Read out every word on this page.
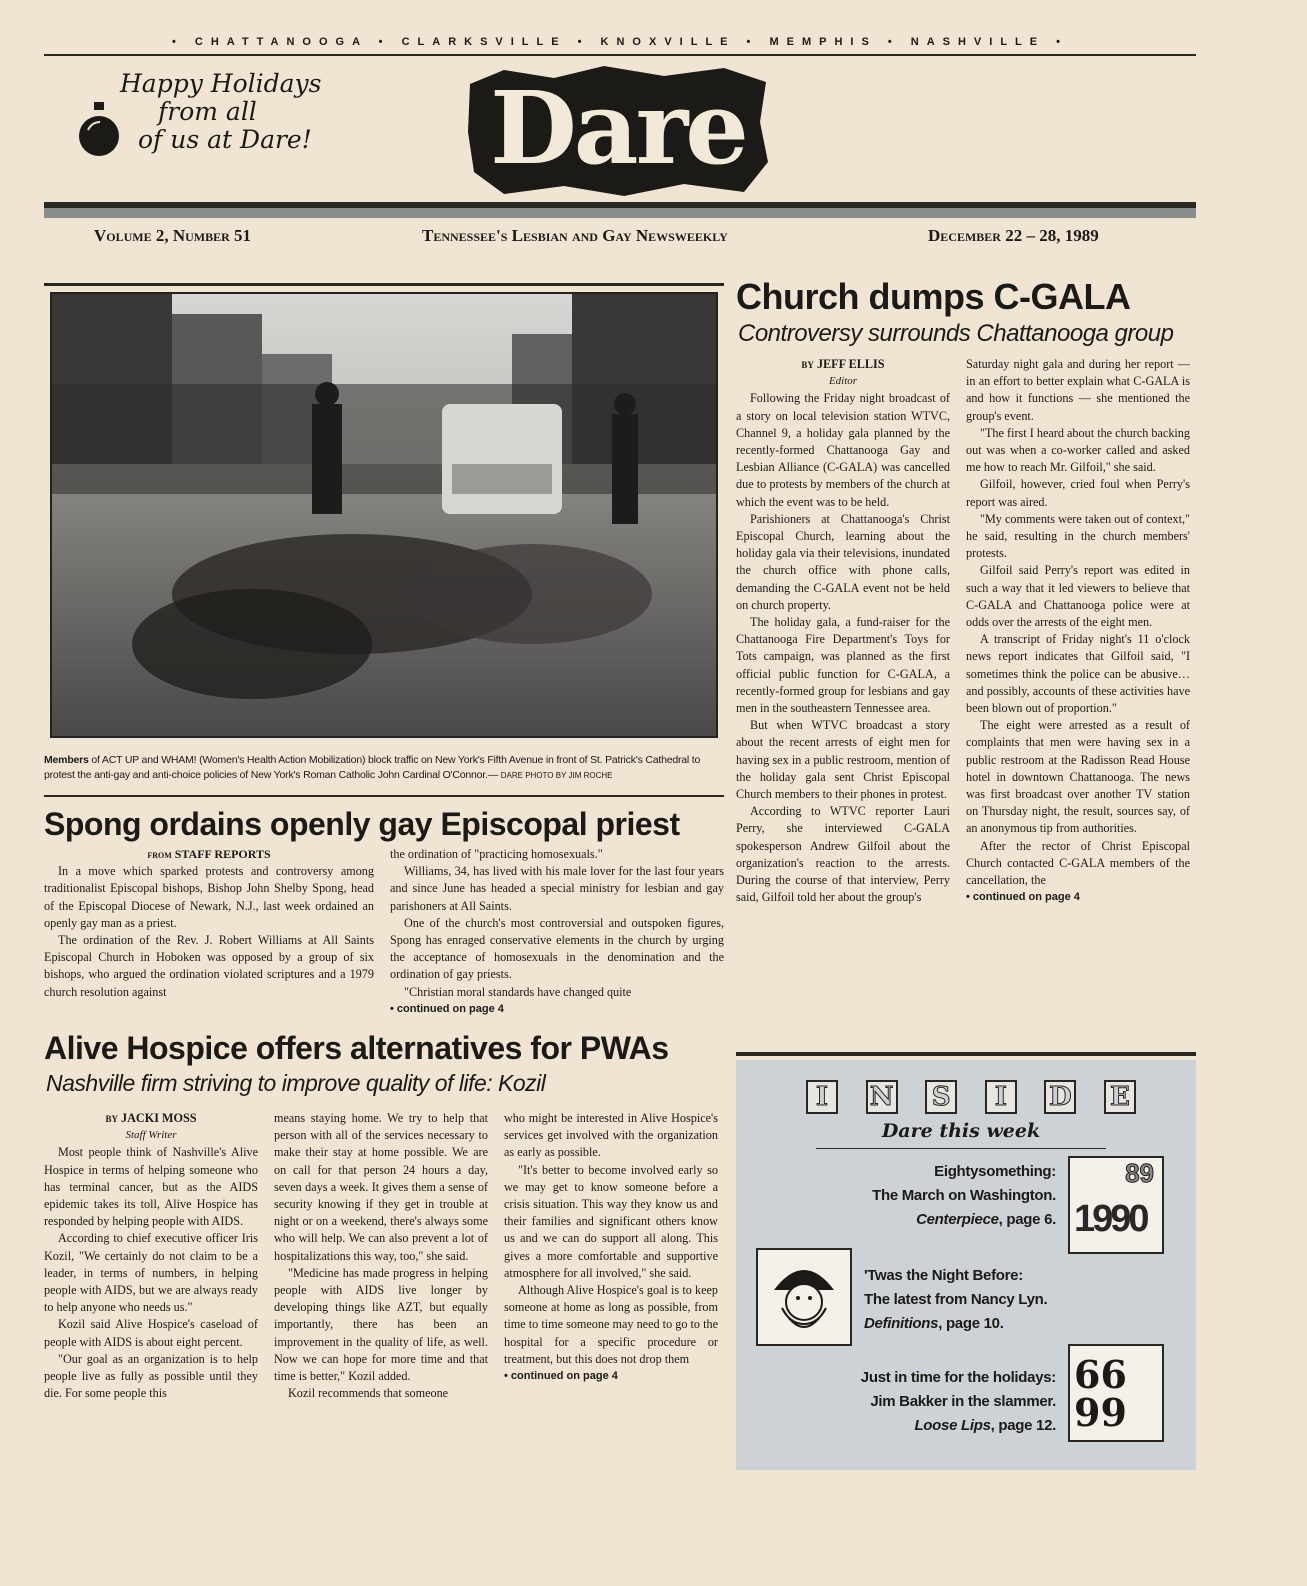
• CHATTANOOGA • CLARKSVILLE • KNOXVILLE • MEMPHIS • NASHVILLE •
Happy Holidays
from all
of us at Dare! Dare
Volume 2, Number 51	Tennessee's Lesbian and Gay Newsweekly	December 22 – 28, 1989
Members of ACT UP and WHAM! (Women's Health Action Mobilization) block traffic on New York's Fifth Avenue in front of St. Patrick's Cathedral to protest the anti-gay and anti-choice policies of New York's Roman Catholic John Cardinal O'Connor.— DARE PHOTO BY JIM ROCHE
Church dumps C-GALA
Controversy surrounds Chattanooga group
by JEFF ELLIS
Editor

Following the Friday night broadcast of a story on local television station WTVC, Channel 9, a holiday gala planned by the recently-formed Chattanooga Gay and Lesbian Alliance (C-GALA) was cancelled due to protests by members of the church at which the event was to be held.

Parishioners at Chattanooga's Christ Episcopal Church, learning about the holiday gala via their televisions, inundated the church office with phone calls, demanding the C-GALA event not be held on church property.

The holiday gala, a fund-raiser for the Chattanooga Fire Department's Toys for Tots campaign, was planned as the first official public function for C-GALA, a recently-formed group for lesbians and gay men in the southeastern Tennessee area.

But when WTVC broadcast a story about the recent arrests of eight men for having sex in a public restroom, mention of the holiday gala sent Christ Episcopal Church members to their phones in protest.

According to WTVC reporter Lauri Perry, she interviewed C-GALA spokesperson Andrew Gilfoil about the organization's reaction to the arrests. During the course of that interview, Perry said, Gilfoil told her about the group's

Saturday night gala and during her report — in an effort to better explain what C-GALA is and how it functions — she mentioned the group's event.

"The first I heard about the church backing out was when a co-worker called and asked me how to reach Mr. Gilfoil," she said.

Gilfoil, however, cried foul when Perry's report was aired.

"My comments were taken out of context," he said, resulting in the church members' protests.

Gilfoil said Perry's report was edited in such a way that it led viewers to believe that C-GALA and Chattanooga police were at odds over the arrests of the eight men.

A transcript of Friday night's 11 o'clock news report indicates that Gilfoil said, "I sometimes think the police can be abusive…and possibly, accounts of these activities have been blown out of proportion."

The eight were arrested as a result of complaints that men were having sex in a public restroom at the Radisson Read House hotel in downtown Chattanooga. The news was first broadcast over another TV station on Thursday night, the result, sources say, of an anonymous tip from authorities.

After the rector of Christ Episcopal Church contacted C-GALA members of the cancellation, the

• continued on page 4
Spong ordains openly gay Episcopal priest
from STAFF REPORTS

In a move which sparked protests and controversy among traditionalist Episcopal bishops, Bishop John Shelby Spong, head of the Episcopal Diocese of Newark, N.J., last week ordained an openly gay man as a priest.

The ordination of the Rev. J. Robert Williams at All Saints Episcopal Church in Hoboken was opposed by a group of six bishops, who argued the ordination violated scriptures and a 1979 church resolution against

the ordination of "practicing homosexuals."

Williams, 34, has lived with his male lover for the last four years and since June has headed a special ministry for lesbian and gay parishoners at All Saints.

One of the church's most controversial and outspoken figures, Spong has enraged conservative elements in the church by urging the acceptance of homosexuals in the denomination and the ordination of gay priests.

"Christian moral standards have changed quite

• continued on page 4
Alive Hospice offers alternatives for PWAs
Nashville firm striving to improve quality of life: Kozil
by JACKI MOSS
Staff Writer

Most people think of Nashville's Alive Hospice in terms of helping someone who has terminal cancer, but as the AIDS epidemic takes its toll, Alive Hospice has responded by helping people with AIDS.

According to chief executive officer Iris Kozil, "We certainly do not claim to be a leader, in terms of numbers, in helping people with AIDS, but we are always ready to help anyone who needs us."

Kozil said Alive Hospice's caseload of people with AIDS is about eight percent.

"Our goal as an organization is to help people live as fully as possible until they die. For some people this

means staying home. We try to help that person with all of the services necessary to make their stay at home possible. We are on call for that person 24 hours a day, seven days a week. It gives them a sense of security knowing if they get in trouble at night or on a weekend, there's always some who will help. We can also prevent a lot of hospitalizations this way, too," she said.

"Medicine has made progress in helping people with AIDS live longer by developing things like AZT, but equally importantly, there has been an improvement in the quality of life, as well. Now we can hope for more time and that time is better," Kozil added.

Kozil recommends that someone

who might be interested in Alive Hospice's services get involved with the organization as early as possible.

"It's better to become involved early so we may get to know someone before a crisis situation. This way they know us and their families and significant others know us and we can do support all along. This gives a more comfortable and supportive atmosphere for all involved," she said.

Although Alive Hospice's goal is to keep someone at home as long as possible, from time to time someone may need to go to the hospital for a specific procedure or treatment, but this does not drop them

• continued on page 4
I	N S	I	D E
Dare this week
Eightysomething:
The March on Washington.
Centerpiece, page 6.
89
1990
'Twas the Night Before:
The latest from Nancy Lyn.
Definitions, page 10.
Just in time for the holidays:
Jim Bakker in the slammer.
Loose Lips, page 12.
66 99
